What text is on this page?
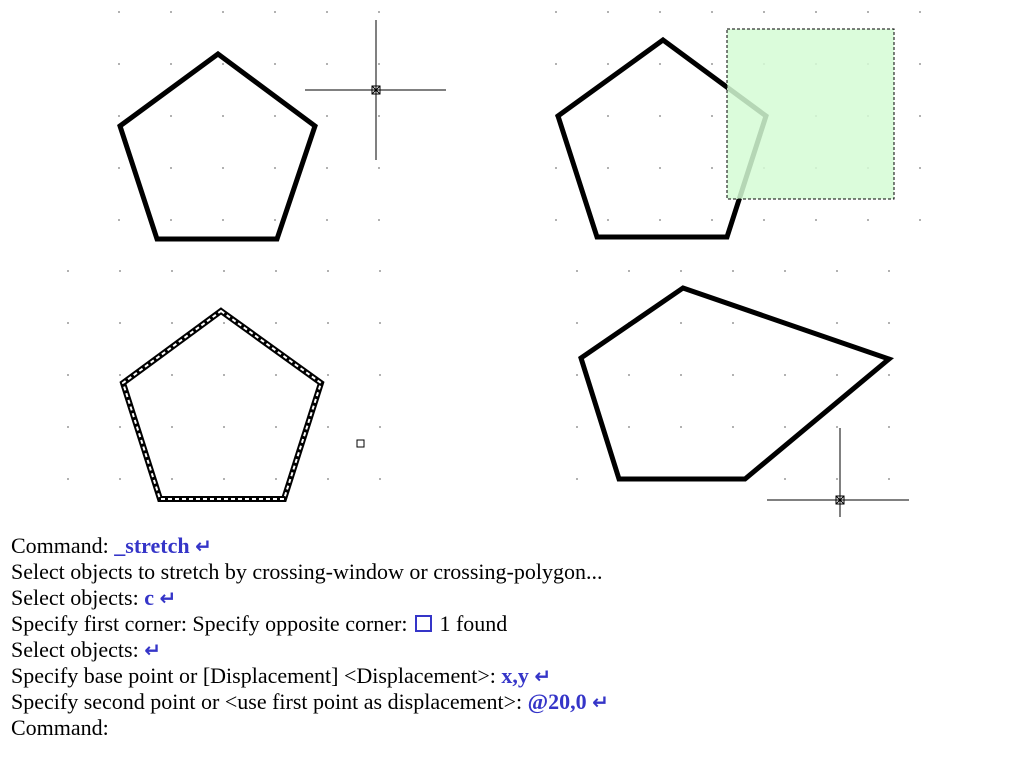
Command: _stretch ↵
Select objects to stretch by crossing-window or crossing-polygon...
Select objects: c ↵
Specify first corner: Specify opposite corner:  1 found
Select objects: ↵
Specify base point or [Displacement] <Displacement>: x,y ↵
Specify second point or <use first point as displacement>: @20,0 ↵
Command:
